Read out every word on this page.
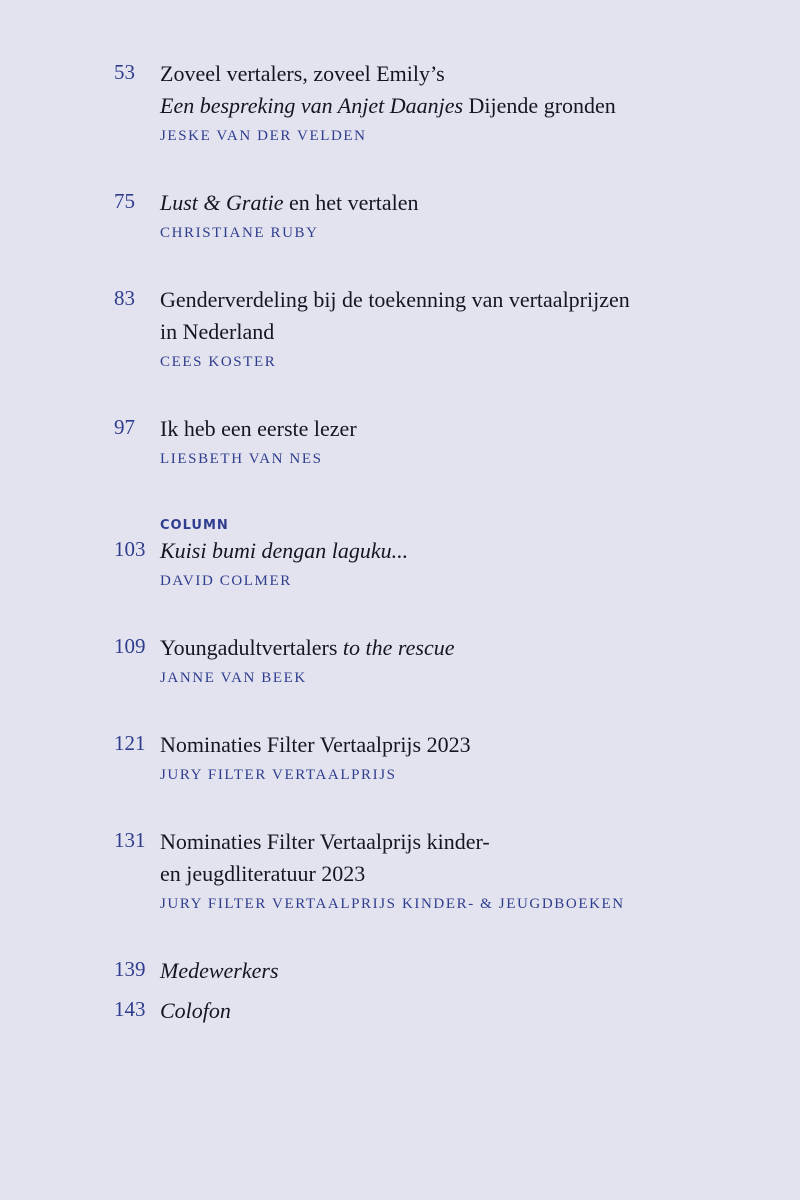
53	Zoveel vertalers, zoveel Emily’s
Een bespreking van Anjet Daanjes Dijende gronden
JESKE VAN DER VELDEN
75	Lust & Gratie en het vertalen
CHRISTIANE RUBY
83	Genderverdeling bij de toekenning van vertaalprijzen
in Nederland
CEES KOSTER
97	Ik heb een eerste lezer
LIESBETH VAN NES
COLUMN
103 Kuisi bumi dengan laguku...
DAVID COLMER
109 Youngadultvertalers to the rescue
JANNE VAN BEEK
121 Nominaties Filter Vertaalprijs 2023
JURY FILTER VERTAALPRIJS
131 Nominaties Filter Vertaalprijs kinder-
en jeugdliteratuur 2023
JURY FILTER VERTAALPRIJS KINDER- & JEUGDBOEKEN
139 Medewerkers
143 Colofon
